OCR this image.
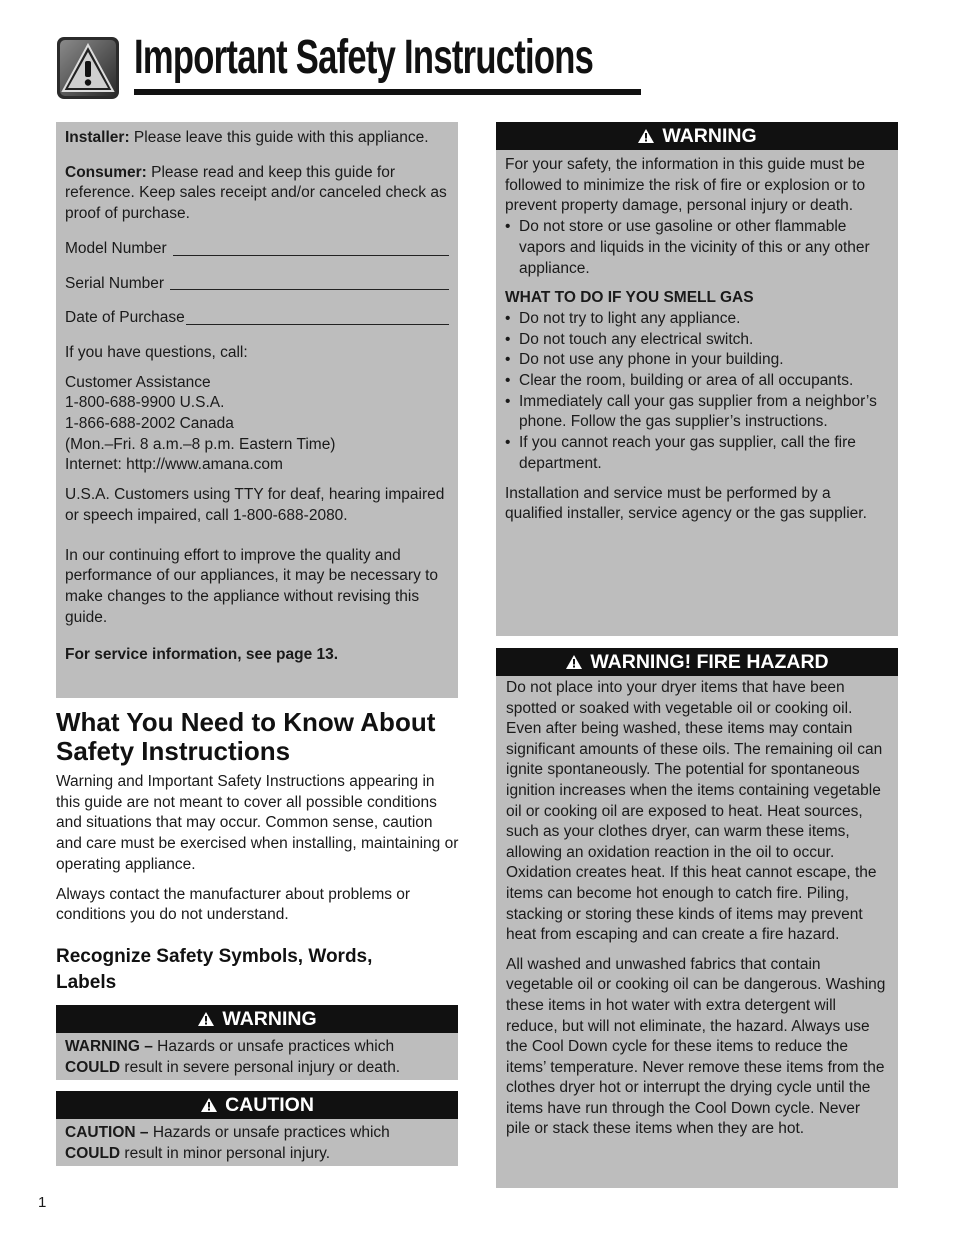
Important Safety Instructions

Installer: Please leave this guide with this appliance.

Consumer: Please read and keep this guide for reference. Keep sales receipt and/or canceled check as proof of purchase.

Model Number

Serial Number

Date of Purchase

If you have questions, call:

Customer Assistance

1-800-688-9900 U.S.A.

1-866-688-2002 Canada

(Mon.–Fri. 8 a.m.–8 p.m. Eastern Time)

Internet: http://www.amana.com

U.S.A. Customers using TTY for deaf, hearing impaired or speech impaired, call 1-800-688-2080.

In our continuing effort to improve the quality and performance of our appliances, it may be necessary to make changes to the appliance without revising this guide.

For service information, see page 13.

What You Need to Know About Safety Instructions

Warning and Important Safety Instructions appearing in this guide are not meant to cover all possible conditions and situations that may occur. Common sense, caution and care must be exercised when installing, maintaining or operating appliance.

Always contact the manufacturer about problems or conditions you do not understand.

Recognize Safety Symbols, Words, Labels
WARNING
WARNING – Hazards or unsafe practices which
COULD result in severe personal injury or death.
CAUTION
CAUTION – Hazards or unsafe practices which
COULD result in minor personal injury.
WARNING

For your safety, the information in this guide must be followed to minimize the risk of fire or explosion or to prevent property damage, personal injury or death.

• Do not store or use gasoline or other flammable vapors and liquids in the vicinity of this or any other appliance.

WHAT TO DO IF YOU SMELL GAS

• Do not try to light any appliance.

• Do not touch any electrical switch.

• Do not use any phone in your building.

• Clear the room, building or area of all occupants.

• Immediately call your gas supplier from a neighbor’s phone. Follow the gas supplier’s instructions.

• If you cannot reach your gas supplier, call the fire department.

Installation and service must be performed by a qualified installer, service agency or the gas supplier.

WARNING! FIRE HAZARD

Do not place into your dryer items that have been spotted or soaked with vegetable oil or cooking oil. Even after being washed, these items may contain significant amounts of these oils. The remaining oil can ignite spontaneously. The potential for spontaneous ignition increases when the items containing vegetable oil or cooking oil are exposed to heat. Heat sources, such as your clothes dryer, can warm these items, allowing an oxidation reaction in the oil to occur. Oxidation creates heat. If this heat cannot escape, the items can become hot enough to catch fire. Piling, stacking or storing these kinds of items may prevent heat from escaping and can create a fire hazard.

All washed and unwashed fabrics that contain vegetable oil or cooking oil can be dangerous. Washing these items in hot water with extra detergent will reduce, but will not eliminate, the hazard. Always use the Cool Down cycle for these items to reduce the items’ temperature. Never remove these items from the clothes dryer hot or interrupt the drying cycle until the items have run through the Cool Down cycle. Never pile or stack these items when they are hot.

1
